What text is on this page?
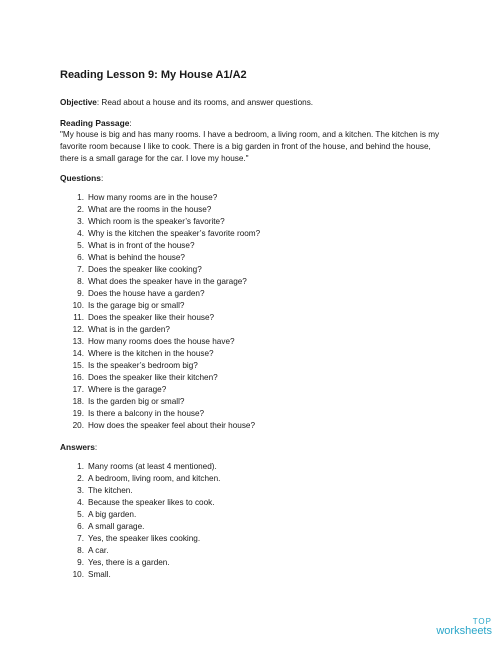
Reading Lesson 9: My House A1/A2

Objective: Read about a house and its rooms, and answer questions.

Reading Passage:

"My house is big and has many rooms. I have a bedroom, a living room, and a kitchen. The kitchen is my favorite room because I like to cook. There is a big garden in front of the house, and behind the house, there is a small garage for the car. I love my house."

Questions:

1. How many rooms are in the house?
2. What are the rooms in the house?
3. Which room is the speaker’s favorite?
4. Why is the kitchen the speaker’s favorite room?
5. What is in front of the house?
6. What is behind the house?
7. Does the speaker like cooking?
8. What does the speaker have in the garage?
9. Does the house have a garden?
10. Is the garage big or small?
11. Does the speaker like their house?
12. What is in the garden?
13. How many rooms does the house have?
14. Where is the kitchen in the house?
15. Is the speaker’s bedroom big?
16. Does the speaker like their kitchen?
17. Where is the garage?
18. Is the garden big or small?
19. Is there a balcony in the house?
20. How does the speaker feel about their house?

Answers:

1. Many rooms (at least 4 mentioned).
2. A bedroom, living room, and kitchen.
3. The kitchen.
4. Because the speaker likes to cook.
5. A big garden.
6. A small garage.
7. Yes, the speaker likes cooking.
8. A car.
9. Yes, there is a garden.
10. Small.
TOP
worksheets
